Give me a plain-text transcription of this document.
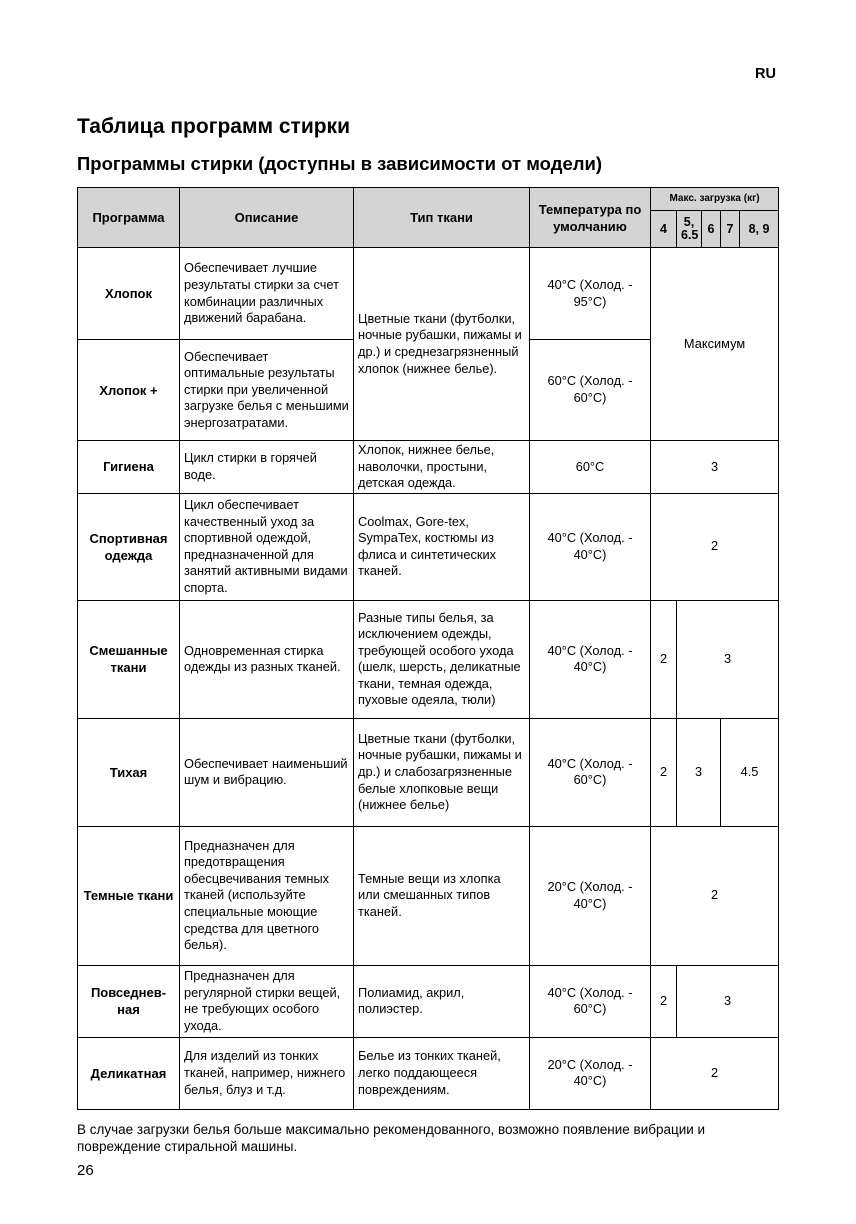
RU
Таблица программ стирки
Программы стирки (доступны в зависимости от модели)
Программа	Описание	Тип ткани	Температура по умолчанию	Макс. загрузка (кг)				
				4	5, 6.5	6	7	8, 9
Хлопок	Обеспечивает лучшие результаты стирки за счет комбинации различных движений барабана.	Цветные ткани (футболки, ночные рубашки, пижамы и др.) и среднезагрязненный хлопок (нижнее белье).	40°C (Холод. - 95°C)	Максимум				
Хлопок +	Обеспечивает оптимальные результаты стирки при увеличенной загрузке белья с меньшими энергозатратами.		60°C (Холод. - 60°C)					
Гигиена	Цикл стирки в горячей воде.	Хлопок, нижнее белье, наволочки, простыни, детская одежда.	60°C	3				
Спортивная одежда	Цикл обеспечивает качественный уход за спортивной одеждой, предназначенной для занятий активными видами спорта.	Coolmax, Gore-tex, SympaTex, костюмы из флиса и синтетических тканей.	40°C (Холод. - 40°C)	2				
Смешанные ткани	Одновременная стирка одежды из разных тканей.	Разные типы белья, за исключением одежды, требующей особого ухода (шелк, шерсть, деликатные ткани, темная одежда, пуховые одеяла, тюли)	40°C (Холод. - 40°C)	2	3			
Тихая	Обеспечивает наименьший шум и вибрацию.	Цветные ткани (футболки, ночные рубашки, пижамы и др.) и слабозагрязненные белые хлопковые вещи (нижнее белье)	40°C (Холод. - 60°C)	2	3		4.5	
Темные ткани	Предназначен для предотвращения обесцвечивания темных тканей (используйте специальные моющие средства для цветного белья).	Темные вещи из хлопка или смешанных типов тканей.	20°C (Холод. - 40°C)	2				
Повседнев-ная	Предназначен для регулярной стирки вещей, не требующих особого ухода.	Полиамид, акрил, полиэстер.	40°C (Холод. - 60°C)	2	3			
Деликатная	Для изделий из тонких тканей, например, нижнего белья, блуз и т.д.	Белье из тонких тканей, легко поддающееся повреждениям.	20°C (Холод. - 40°C)	2				
В случае загрузки белья больше максимально рекомендованного, возможно появление вибрации и повреждение стиральной машины.
26
